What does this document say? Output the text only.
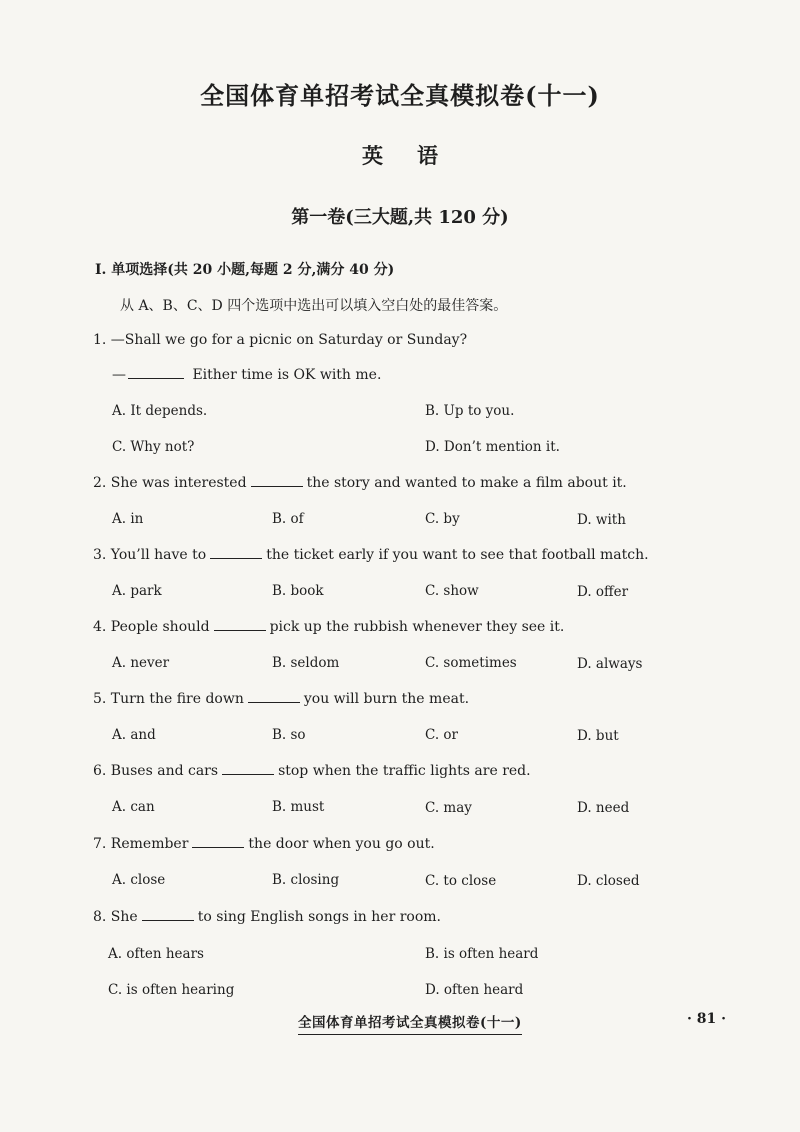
全国体育单招考试全真模拟卷(十一)
英语
第一卷(三大题,共 120 分)
Ⅰ. 单项选择(共 20 小题,每题 2 分,满分 40 分)
从 A、B、C、D 四个选项中选出可以填入空白处的最佳答案。
1. —Shall we go for a picnic on Saturday or Sunday?
—	Either time is OK with me.
A. It depends.	B. Up to you.
C. Why not?	D. Don’t mention it.
2. She was interested	the story and wanted to make a film about it.
A. in	B. of	C. by	D. with
3. You’ll have to	the ticket early if you want to see that football match.
A. park	B. book	C. show	D. offer
4. People should	pick up the rubbish whenever they see it.
A. never	B. seldom	C. sometimes	D. always
5. Turn the fire down	you will burn the meat.
A. and	B. so	C. or	D. but
6. Buses and cars	stop when the traffic lights are red.
A. can	B. must	C. may	D. need
7. Remember	the door when you go out.
A. close	B. closing	C. to close	D. closed
8. She	to sing English songs in her room.
A. often hears	B. is often heard
C. is often hearing	D. often heard
全国体育单招考试全真模拟卷(十一)	· 81 ·
